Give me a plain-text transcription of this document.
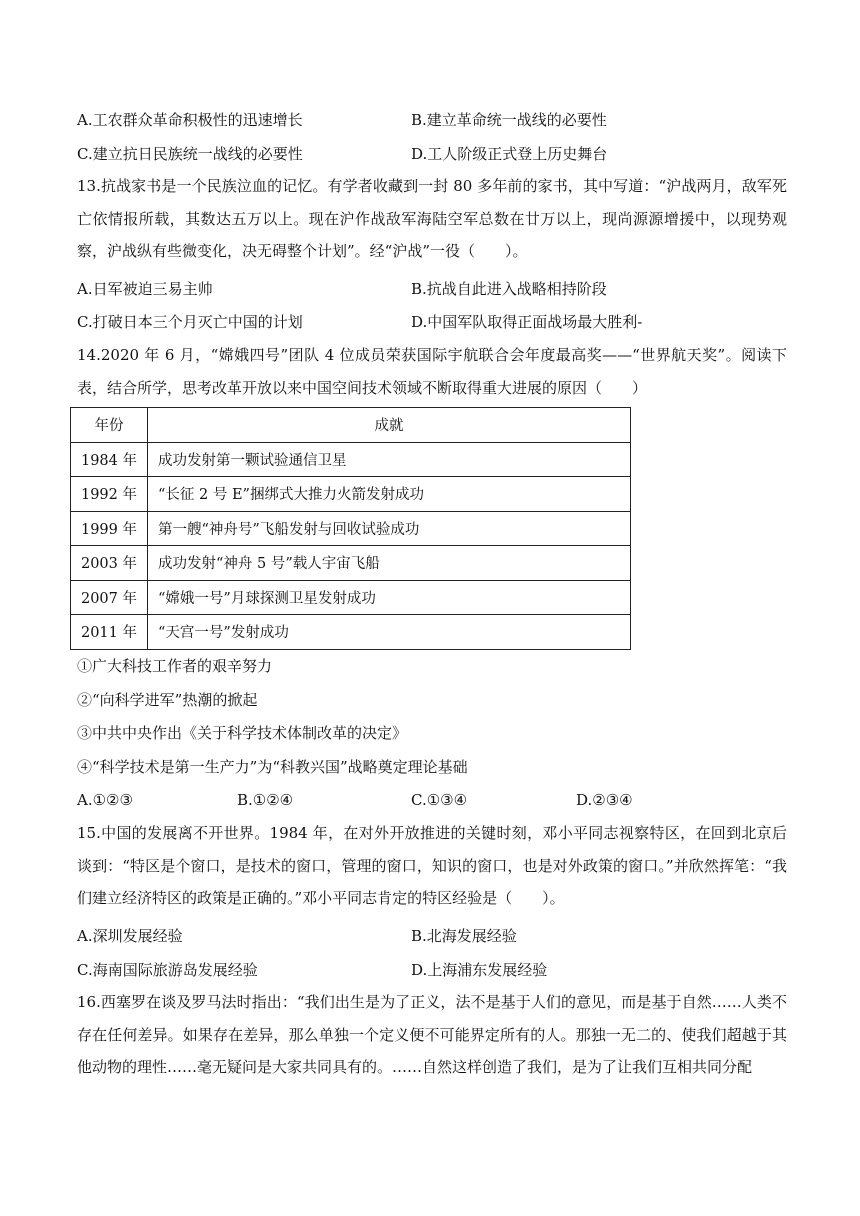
A.工农群众革命积极性的迅速增长	B.建立革命统一战线的必要性
C.建立抗日民族统一战线的必要性	D.工人阶级正式登上历史舞台
13.抗战家书是一个民族泣血的记忆。有学者收藏到一封 80 多年前的家书，其中写道：“沪战两月，敌军死亡依情报所载，其数达五万以上。现在沪作战敌军海陆空军总数在廿万以上，现尚源源增援中，以现势观察，沪战纵有些微变化，决无碍整个计划”。经“沪战”一役（　　）。
A.日军被迫三易主帅	B.抗战自此进入战略相持阶段
C.打破日本三个月灭亡中国的计划	D.中国军队取得正面战场最大胜利-
14.2020 年 6 月，“嫦娥四号”团队 4 位成员荣获国际宇航联合会年度最高奖——“世界航天奖”。阅读下表，结合所学，思考改革开放以来中国空间技术领域不断取得重大进展的原因（　　）
年份	成就
1984 年	成功发射第一颗试验通信卫星
1992 年	“长征 2 号 E”捆绑式大推力火箭发射成功
1999 年	第一艘“神舟号”飞船发射与回收试验成功
2003 年	成功发射“神舟 5 号”载人宇宙飞船
2007 年	“嫦娥一号”月球探测卫星发射成功
2011 年	“天宫一号”发射成功
①广大科技工作者的艰辛努力
②“向科学进军”热潮的掀起
③中共中央作出《关于科学技术体制改革的决定》
④“科学技术是第一生产力”为“科教兴国”战略奠定理论基础
A.①②③	B.①②④	C.①③④	D.②③④
15.中国的发展离不开世界。1984 年，在对外开放推进的关键时刻，邓小平同志视察特区，在回到北京后谈到：“特区是个窗口，是技术的窗口，管理的窗口，知识的窗口，也是对外政策的窗口。”并欣然挥笔：“我们建立经济特区的政策是正确的。”邓小平同志肯定的特区经验是（　　）。
A.深圳发展经验	B.北海发展经验
C.海南国际旅游岛发展经验	D.上海浦东发展经验
16.西塞罗在谈及罗马法时指出：“我们出生是为了正义，法不是基于人们的意见，而是基于自然……人类不存在任何差异。如果存在差异，那么单独一个定义便不可能界定所有的人。那独一无二的、使我们超越于其他动物的理性……毫无疑问是大家共同具有的。……自然这样创造了我们，是为了让我们互相共同分配
